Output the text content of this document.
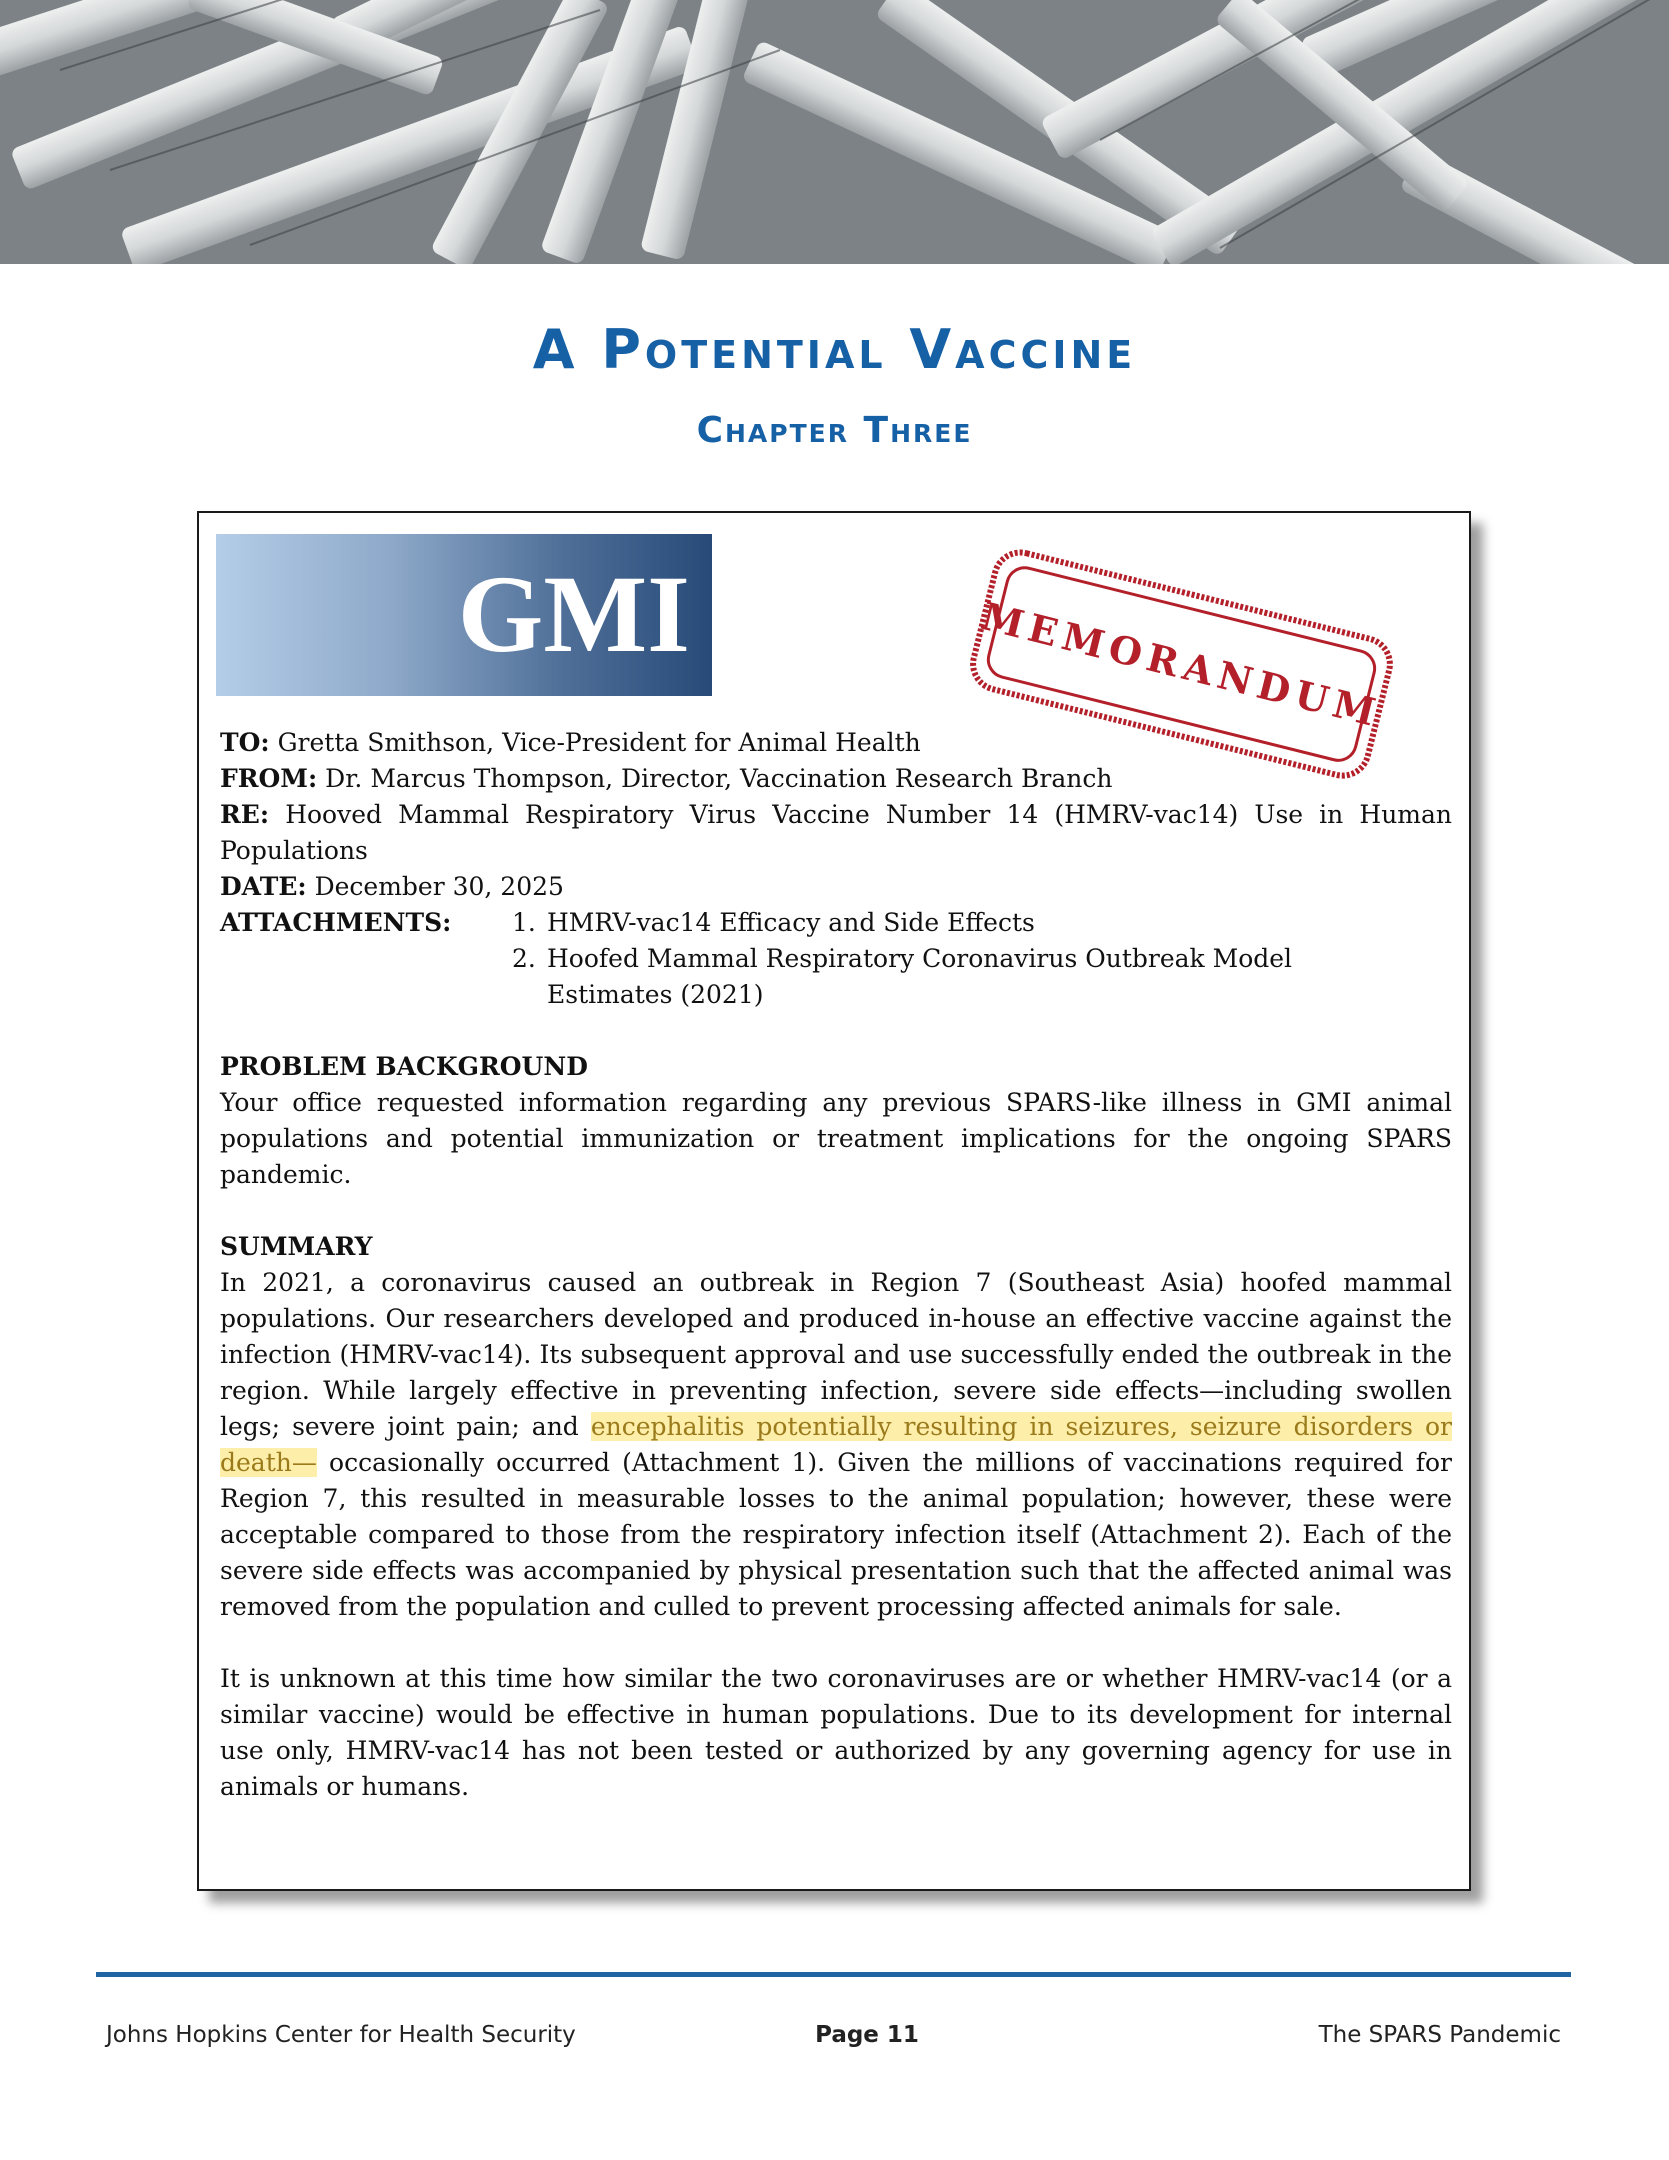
A Potential Vaccine
Chapter Three
GMI	MEMORANDUM

TO: Gretta Smithson, Vice-President for Animal Health

FROM: Dr. Marcus Thompson, Director, Vaccination Research Branch

RE: Hooved Mammal Respiratory Virus Vaccine Number 14 (HMRV-vac14) Use in Human Populations

DATE: December 30, 2025

ATTACHMENTS: 1. HMRV-vac14 Efficacy and Side Effects
2. Hoofed Mammal Respiratory Coronavirus Outbreak Model Estimates (2021)

PROBLEM BACKGROUND

Your office requested information regarding any previous SPARS-like illness in GMI animal populations and potential immunization or treatment implications for the ongoing SPARS pandemic.

SUMMARY

In 2021, a coronavirus caused an outbreak in Region 7 (Southeast Asia) hoofed mammal populations. Our researchers developed and produced in-house an effective vaccine against the infection (HMRV-vac14). Its subsequent approval and use successfully ended the outbreak in the region. While largely effective in preventing infection, severe side effects—including swollen legs; severe joint pain; and encephalitis potentially resulting in seizures, seizure disorders or death— occasionally occurred (Attachment 1). Given the millions of vaccinations required for Region 7, this resulted in measurable losses to the animal population; however, these were acceptable compared to those from the respiratory infection itself (Attachment 2). Each of the severe side effects was accompanied by physical presentation such that the affected animal was removed from the population and culled to prevent processing affected animals for sale.

It is unknown at this time how similar the two coronaviruses are or whether HMRV-vac14 (or a similar vaccine) would be effective in human populations. Due to its development for internal use only, HMRV-vac14 has not been tested or authorized by any governing agency for use in animals or humans.

Johns Hopkins Center for Health Security	Page 11	The SPARS Pandemic
